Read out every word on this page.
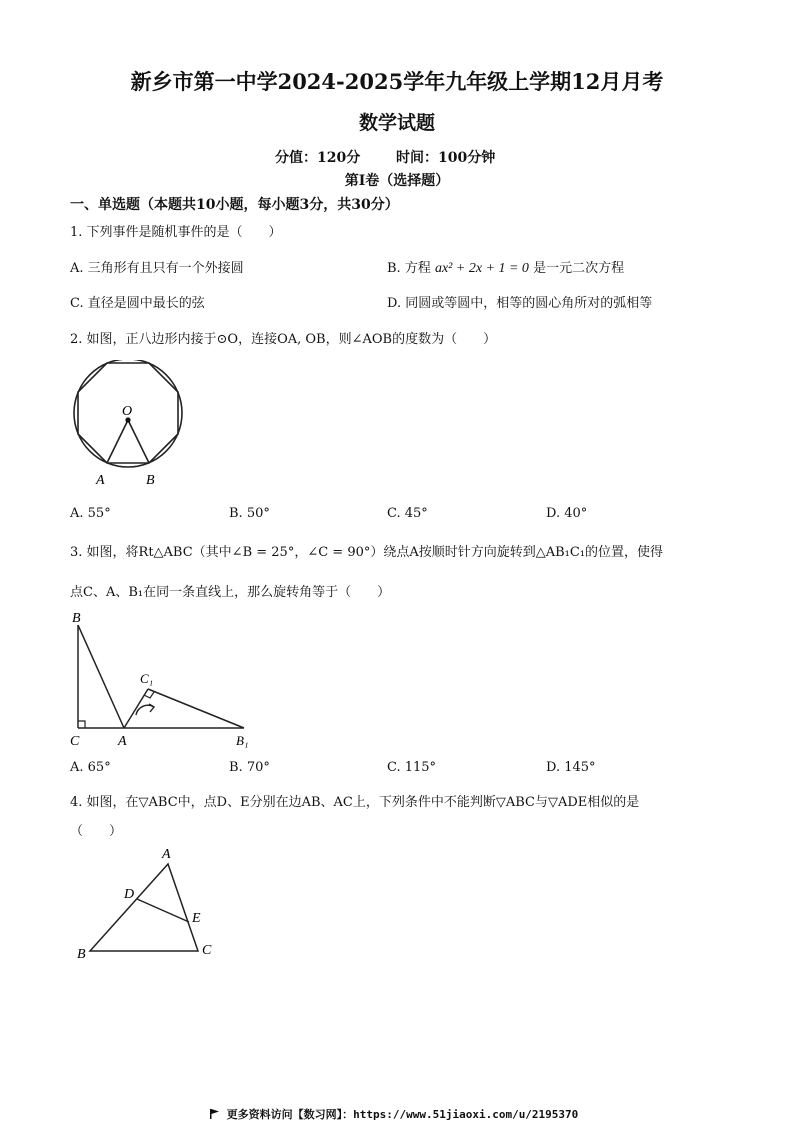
新乡市第一中学2024-2025学年九年级上学期12月月考
数学试题
分值：120分	时间：100分钟
第Ⅰ卷（选择题）
一、单选题（本题共10小题，每小题3分，共30分）
1. 下列事件是随机事件的是（　　）
A. 三角形有且只有一个外接圆	B. 方程 ax² + 2x + 1 = 0 是一元二次方程
C. 直径是圆中最长的弦	D. 同圆或等圆中，相等的圆心角所对的弧相等
2. 如图，正八边形内接于⊙O，连接OA, OB，则∠AOB的度数为（　　）
O
A	B
A. 55°	B. 50°	C. 45°	D. 40°
3. 如图，将Rt△ABC（其中∠B = 25°，∠C = 90°）绕点A按顺时针方向旋转到△AB₁C₁的位置，使得
点C、A、B₁在同一条直线上，那么旋转角等于（　　）
B
C	A
C₁
B₁
A. 65°	B. 70°	C. 115°	D. 145°
4. 如图，在▽ABC中，点D、E分别在边AB、AC上，下列条件中不能判断▽ABC与▽ADE相似的是
（　　）
A
D
E
B	C
更多资料访问【数习网】：https://www.51jiaoxi.com/u/2195370
